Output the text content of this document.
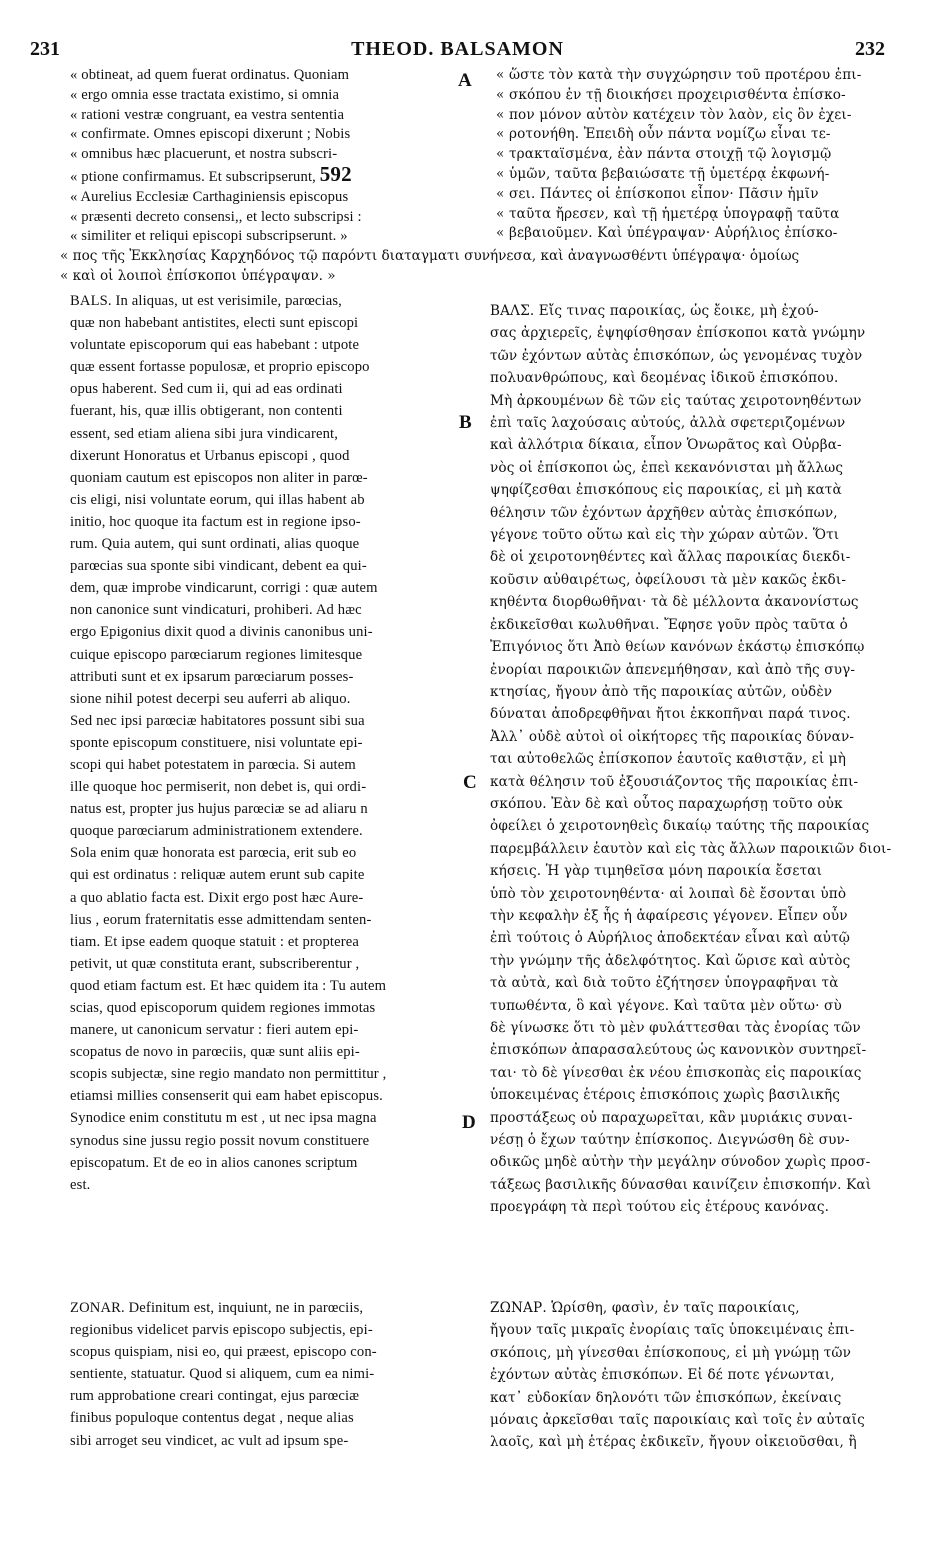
231	THEOD. BALSAMON	232

« obtineat, ad quem fuerat ordinatus. Quoniam

« ergo omnia esse tractata existimo, si omnia

« rationi vestræ congruant, ea vestra sententia

« confirmate. Omnes episcopi dixerunt ; Nobis

« omnibus hæc placuerunt, et nostra subscri-

« ptione confirmamus. Et subscripserunt, 592

« Aurelius Ecclesiæ Carthaginiensis episcopus

« præsenti decreto consensi,, et lecto subscripsi :

« similiter et reliqui episcopi subscripserunt. »

« ὥστε τὸν κατὰ τὴν συγχώρησιν τοῦ προτέρου ἐπι-

« σκόπου ἐν τῇ διοικήσει προχειρισθέντα ἐπίσκο-

« πον μόνον αὐτὸν κατέχειν τὸν λαὸν, εἰς ὃν ἐχει-

« ροτονήθη. Ἐπειδὴ οὖν πάντα νομίζω εἶναι τε-

« τρακταϊσμένα, ἐὰν πάντα στοιχῇ τῷ λογισμῷ

« ὑμῶν, ταῦτα βεβαιώσατε τῇ ὑμετέρᾳ ἐκφωνή-

« σει. Πάντες οἱ ἐπίσκοποι εἶπον· Πᾶσιν ἡμῖν

« ταῦτα ἤρεσεν, καὶ τῇ ἡμετέρᾳ ὑπογραφῇ ταῦτα

« βεβαιοῦμεν. Καὶ ὑπέγραψαν· Αὐρήλιος ἐπίσκο-

A

« πος τῆς Ἐκκλησίας Καρχηδόνος τῷ παρόντι διαταγματι συνήνεσα, καὶ ἀναγνωσθέντι ὑπέγραψα· ὁμοίως

« καὶ οἱ λοιποὶ ἐπίσκοποι ὑπέγραψαν. »

BALS. In aliquas, ut est verisimile, parœcias,

quæ non habebant antistites, electi sunt episcopi

voluntate episcoporum qui eas habebant : utpote

quæ essent fortasse populosæ, et proprio episcopo

opus haberent. Sed cum ii, qui ad eas ordinati

fuerant, his, quæ illis obtigerant, non contenti

essent, sed etiam aliena sibi jura vindicarent,

dixerunt Honoratus et Urbanus episcopi , quod

quoniam cautum est episcopos non aliter in parœ-

cis eligi, nisi voluntate eorum, qui illas habent ab

initio, hoc quoque ita factum est in regione ipso-

rum. Quia autem, qui sunt ordinati, alias quoque

parœcias sua sponte sibi vindicant, debent ea qui-

dem, quæ improbe vindicarunt, corrigi : quæ autem

non canonice sunt vindicaturi, prohiberi. Ad hæc

ergo Epigonius dixit quod a divinis canonibus uni-

cuique episcopo parœciarum regiones limitesque

attributi sunt et ex ipsarum parœciarum posses-

sione nihil potest decerpi seu auferri ab aliquo.

Sed nec ipsi parœciæ habitatores possunt sibi sua

sponte episcopum constituere, nisi voluntate epi-

scopi qui habet potestatem in parœcia. Si autem

ille quoque hoc permiserit, non debet is, qui ordi-

natus est, propter jus hujus parœciæ se ad aliaru n

quoque parœciarum administrationem extendere.

Sola enim quæ honorata est parœcia, erit sub eo

qui est ordinatus : reliquæ autem erunt sub capite

a quo ablatio facta est. Dixit ergo post hæc Aure-

lius , eorum fraternitatis esse admittendam senten-

tiam. Et ipse eadem quoque statuit : et propterea

petivit, ut quæ constituta erant, subscriberentur ,

quod etiam factum est. Et hæc quidem ita : Tu autem

scias, quod episcoporum quidem regiones immotas

manere, ut canonicum servatur : fieri autem epi-

scopatus de novo in parœciis, quæ sunt aliis epi-

scopis subjectæ, sine regio mandato non permittitur ,

etiamsi millies consenserit qui eam habet episcopus.

Synodice enim constitutu m est , ut nec ipsa magna

synodus sine jussu regio possit novum constituere

episcopatum. Et de eo in alios canones scriptum

est.

ZONAR. Definitum est, inquiunt, ne in parœciis,

regionibus videlicet parvis episcopo subjectis, epi-

scopus quispiam, nisi eo, qui præest, episcopo con-

sentiente, statuatur. Quod si aliquem, cum ea nimi-

rum approbatione creari contingat, ejus parœciæ

finibus populoque contentus degat , neque alias

sibi arroget seu vindicet, ac vult ad ipsum spe-

ΒΑΛΣ. Εἴς τινας παροικίας, ὡς ἔοικε, μὴ ἐχού-

σας ἀρχιερεῖς, ἐψηφίσθησαν ἐπίσκοποι κατὰ γνώμην

τῶν ἐχόντων αὐτὰς ἐπισκόπων, ὡς γενομένας τυχὸν

πολυανθρώπους, καὶ δεομένας ἰδικοῦ ἐπισκόπου.

Μὴ ἀρκουμένων δὲ τῶν εἰς ταύτας χειροτονηθέντων

ἐπὶ ταῖς λαχούσαις αὐτούς, ἀλλὰ σφετεριζομένων

καὶ ἀλλότρια δίκαια, εἶπον Ὁνωρᾶτος καὶ Οὐρβα-

νὸς οἱ ἐπίσκοποι ὡς, ἐπεὶ κεκανόνισται μὴ ἄλλως

ψηφίζεσθαι ἐπισκόπους εἰς παροικίας, εἰ μὴ κατὰ

θέλησιν τῶν ἐχόντων ἀρχῆθεν αὐτὰς ἐπισκόπων,

γέγονε τοῦτο οὕτω καὶ εἰς τὴν χώραν αὐτῶν. Ὅτι

δὲ οἱ χειροτονηθέντες καὶ ἄλλας παροικίας διεκδι-

κοῦσιν αὐθαιρέτως, ὀφείλουσι τὰ μὲν κακῶς ἐκδι-

κηθέντα διορθωθῆναι· τὰ δὲ μέλλοντα ἀκανονίστως

ἐκδικεῖσθαι κωλυθῆναι. Ἔφησε γοῦν πρὸς ταῦτα ὁ

Ἐπιγόνιος ὅτι Ἀπὸ θείων κανόνων ἑκάστῳ ἐπισκόπῳ

ἐνορίαι παροικιῶν ἀπενεμήθησαν, καὶ ἀπὸ τῆς συγ-

κτησίας, ἤγουν ἀπὸ τῆς παροικίας αὐτῶν, οὐδὲν

δύναται ἀποδρεφθῆναι ἤτοι ἐκκοπῆναι παρά τινος.

Ἀλλ᾽ οὐδὲ αὐτοὶ οἱ οἰκήτορες τῆς παροικίας δύναν-

ται αὐτοθελῶς ἐπίσκοπον ἑαυτοῖς καθιστᾷν, εἰ μὴ

κατὰ θέλησιν τοῦ ἐξουσιάζοντος τῆς παροικίας ἐπι-

σκόπου. Ἐὰν δὲ καὶ οὗτος παραχωρήσῃ τοῦτο οὐκ

ὀφείλει ὁ χειροτονηθεὶς δικαίῳ ταύτης τῆς παροικίας

παρεμβάλλειν ἑαυτὸν καὶ εἰς τὰς ἄλλων παροικιῶν διοι-

κήσεις. Ἡ γὰρ τιμηθεῖσα μόνη παροικία ἔσεται

ὑπὸ τὸν χειροτονηθέντα· αἱ λοιπαὶ δὲ ἔσονται ὑπὸ

τὴν κεφαλὴν ἐξ ἧς ἡ ἀφαίρεσις γέγονεν. Εἶπεν οὖν

ἐπὶ τούτοις ὁ Αὐρήλιος ἀποδεκτέαν εἶναι καὶ αὐτῷ

τὴν γνώμην τῆς ἀδελφότητος. Καὶ ὥρισε καὶ αὐτὸς

τὰ αὐτὰ, καὶ διὰ τοῦτο ἐζήτησεν ὑπογραφῆναι τὰ

τυπωθέντα, ὃ καὶ γέγονε. Καὶ ταῦτα μὲν οὕτω· σὺ

δὲ γίνωσκε ὅτι τὸ μὲν φυλάττεσθαι τὰς ἐνορίας τῶν

ἐπισκόπων ἀπαρασαλεύτους ὡς κανονικὸν συντηρεῖ-

ται· τὸ δὲ γίνεσθαι ἐκ νέου ἐπισκοπὰς εἰς παροικίας

ὑποκειμένας ἑτέροις ἐπισκόποις χωρὶς βασιλικῆς

προστάξεως οὐ παραχωρεῖται, κἂν μυριάκις συναι-

νέσῃ ὁ ἔχων ταύτην ἐπίσκοπος. Διεγνώσθη δὲ συν-

οδικῶς μηδὲ αὐτὴν τὴν μεγάλην σύνοδον χωρὶς προσ-

τάξεως βασιλικῆς δύνασθαι καινίζειν ἐπισκοπήν. Καὶ

προεγράφη τὰ περὶ τούτου εἰς ἑτέρους κανόνας.

ΖΩΝΑΡ. Ὡρίσθη, φασὶν, ἐν ταῖς παροικίαις,

ἤγουν ταῖς μικραῖς ἐνορίαις ταῖς ὑποκειμέναις ἐπι-

σκόποις, μὴ γίνεσθαι ἐπίσκοπους, εἰ μὴ γνώμῃ τῶν

ἐχόντων αὐτὰς ἐπισκόπων. Εἰ δέ ποτε γένωνται,

κατ᾽ εὐδοκίαν δηλονότι τῶν ἐπισκόπων, ἐκείναις

μόναις ἀρκεῖσθαι ταῖς παροικίαις καὶ τοῖς ἐν αὐταῖς

λαοῖς, καὶ μὴ ἑτέρας ἐκδικεῖν, ἤγουν οἰκειοῦσθαι, ἢ

B
C
D
